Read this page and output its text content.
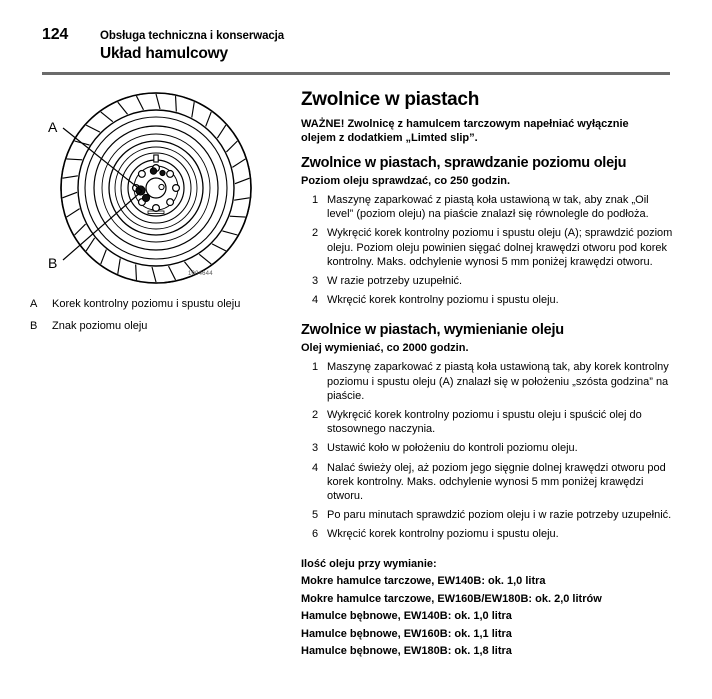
124	Obsługa techniczna i konserwacja
Układ hamulcowy
A
B
1004644
A	Korek kontrolny poziomu i spustu oleju
B	Znak poziomu oleju
Zwolnice w piastach

WAŻNE! Zwolnicę z hamulcem tarczowym napełniać wyłącznie olejem z dodatkiem „Limted slip”.

Zwolnice w piastach, sprawdzanie poziomu oleju

Poziom oleju sprawdzać, co 250 godzin.

1 Maszynę zaparkować z piastą koła ustawioną w tak, aby znak „Oil level” (poziom oleju) na piaście znalazł się równolegle do podłoża.
2 Wykręcić korek kontrolny poziomu i spustu oleju (A); sprawdzić poziom oleju. Poziom oleju powinien sięgać dolnej krawędzi otworu pod korek kontrolny. Maks. odchylenie wynosi 5 mm poniżej krawędzi otworu.
3 W razie potrzeby uzupełnić.
4 Wkręcić korek kontrolny poziomu i spustu oleju.
Zwolnice w piastach, wymienianie oleju

Olej wymieniać, co 2000 godzin.

1 Maszynę zaparkować z piastą koła ustawioną tak, aby korek kontrolny poziomu i spustu oleju (A) znalazł się w położeniu „szósta godzina” na piaście.
2 Wykręcić korek kontrolny poziomu i spustu oleju i spuścić olej do stosownego naczynia.
3 Ustawić koło w położeniu do kontroli poziomu oleju.
4 Nalać świeży olej, aż poziom jego sięgnie dolnej krawędzi otworu pod korek kontrolny. Maks. odchylenie wynosi 5 mm poniżej krawędzi otworu.
5 Po paru minutach sprawdzić poziom oleju i w razie potrzeby uzupełnić.
6 Wkręcić korek kontrolny poziomu i spustu oleju.
Ilość oleju przy wymianie:
Mokre hamulce tarczowe, EW140B: ok. 1,0 litra
Mokre hamulce tarczowe, EW160B/EW180B: ok. 2,0 litrów
Hamulce bębnowe, EW140B: ok. 1,0 litra
Hamulce bębnowe, EW160B: ok. 1,1 litra
Hamulce bębnowe, EW180B: ok. 1,8 litra
